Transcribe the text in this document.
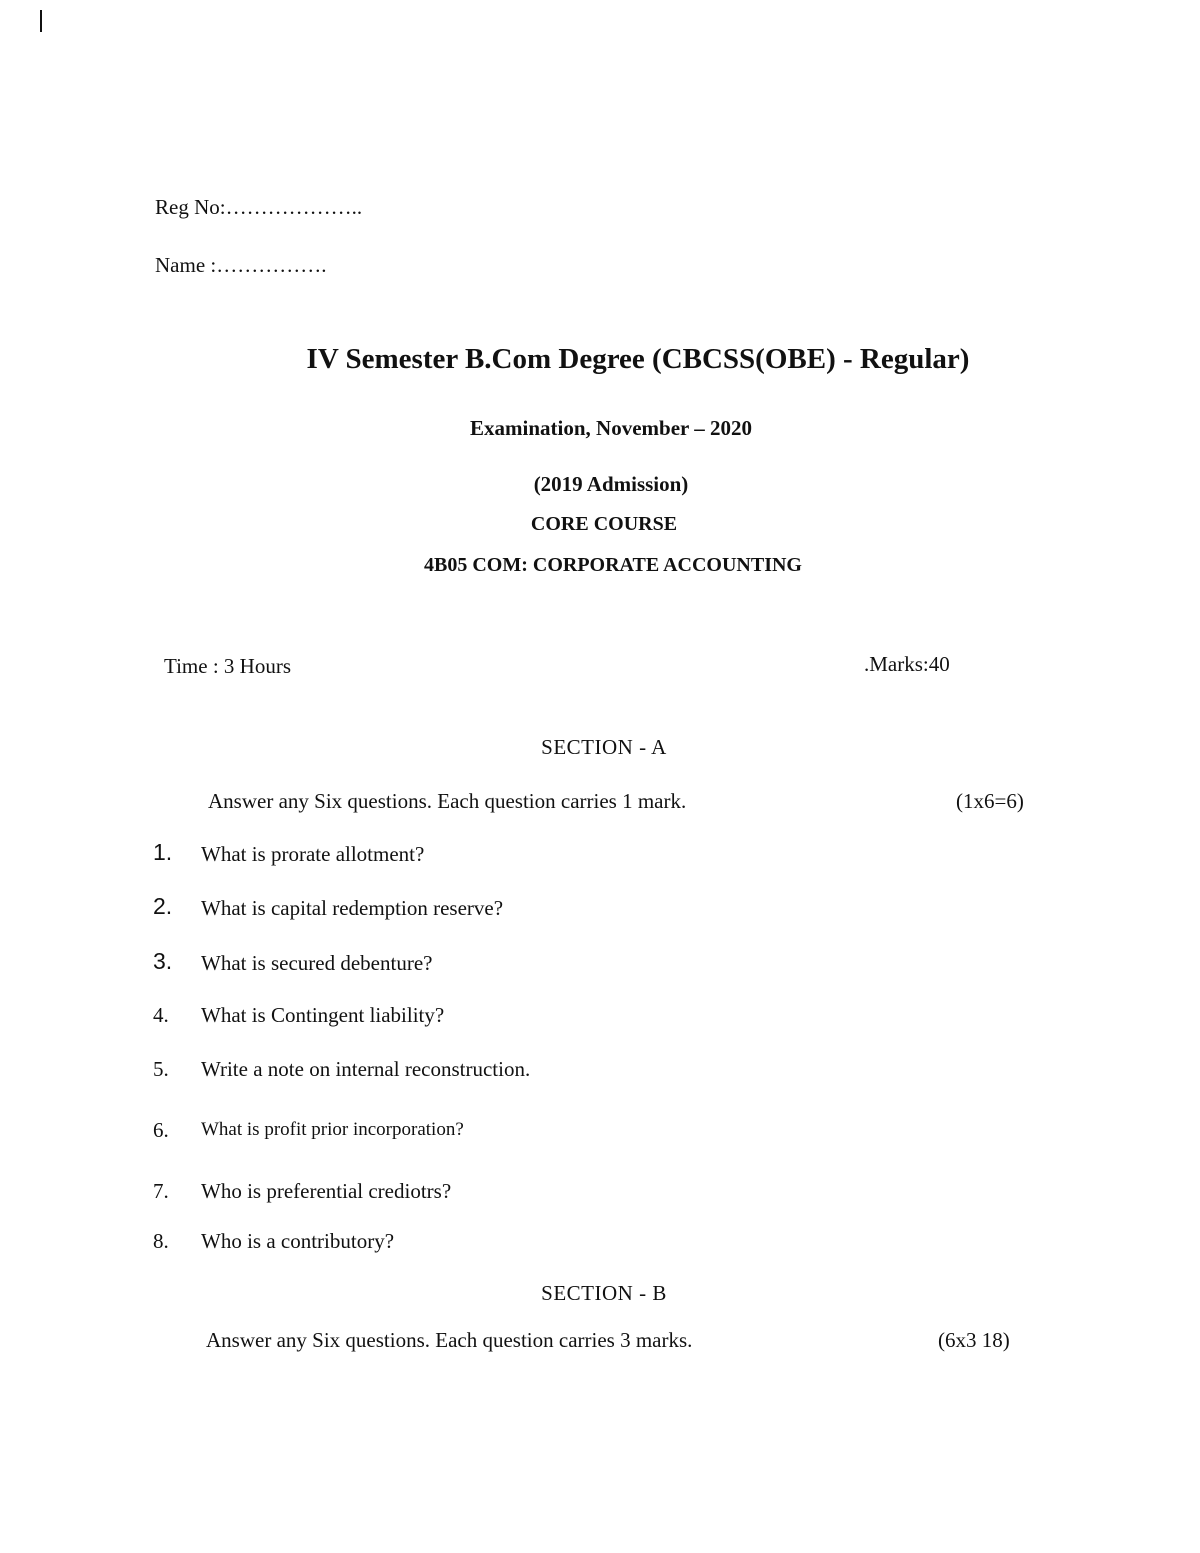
Reg No:………………..
Name :…………….
IV Semester B.Com Degree (CBCSS(OBE) - Regular)
Examination, November – 2020
(2019 Admission)
CORE COURSE
4B05 COM: CORPORATE ACCOUNTING
Time : 3 Hours	.Marks:40
SECTION - A
Answer any Six questions. Each question carries 1 mark.	(1x6=6)
1. What is prorate allotment?
2. What is capital redemption reserve?
3. What is secured debenture?
4. What is Contingent liability?
5. Write a note on internal reconstruction.
6. What is profit prior incorporation?
7. Who is preferential crediotrs?
8. Who is a contributory?
SECTION - B
Answer any Six questions. Each question carries 3 marks.	(6x3 18)
